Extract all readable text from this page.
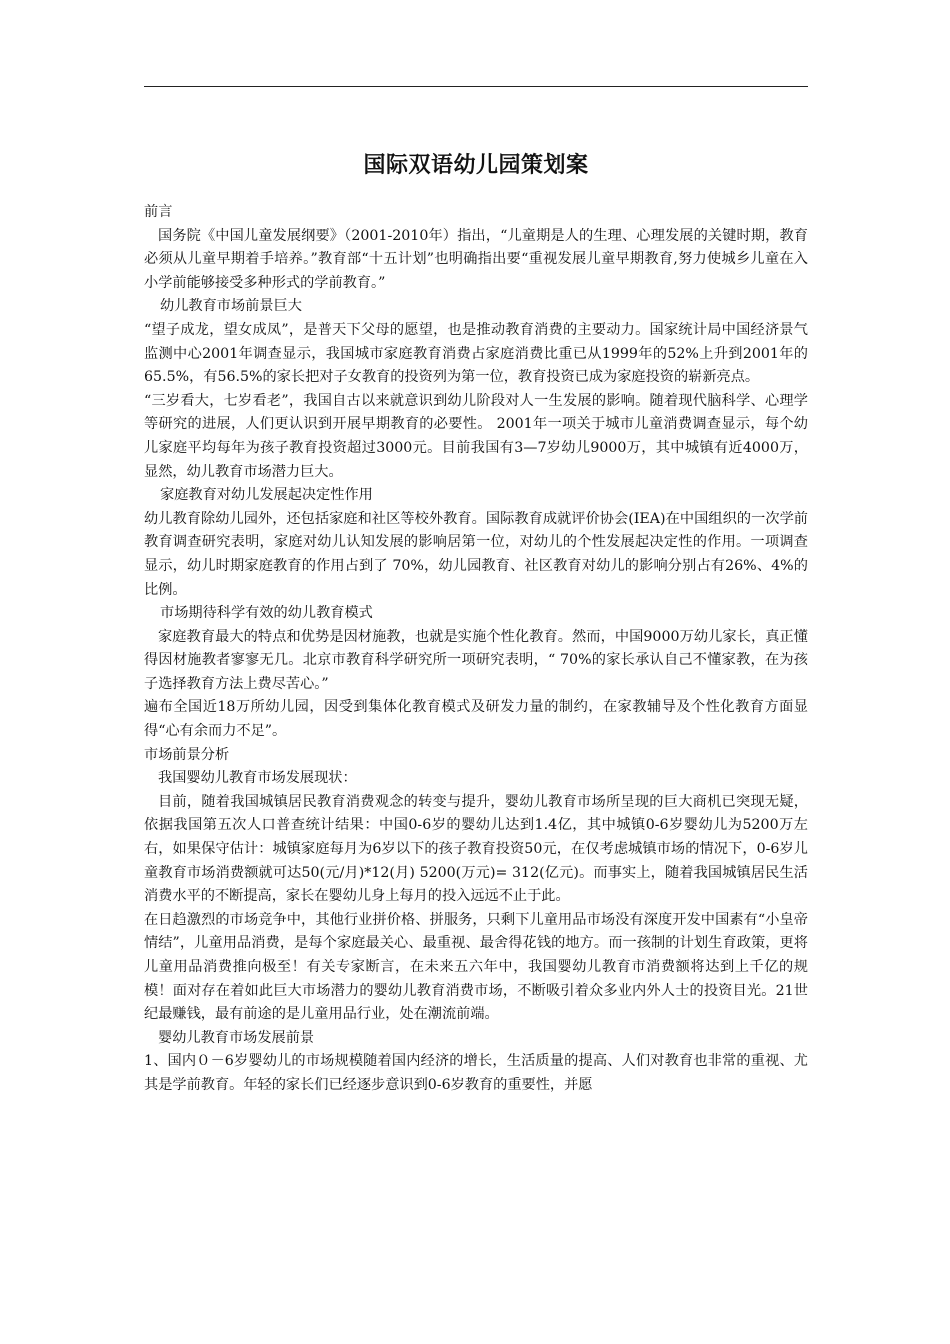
国际双语幼儿园策划案

前言

国务院《中国儿童发展纲要》（2001-2010年）指出，“儿童期是人的生理、心理发展的关键时期，教育必须从儿童早期着手培养。”教育部“十五计划”也明确指出要“重视发展儿童早期教育,努力使城乡儿童在入小学前能够接受多种形式的学前教育。”

幼儿教育市场前景巨大

“望子成龙，望女成凤”，是普天下父母的愿望，也是推动教育消费的主要动力。国家统计局中国经济景气监测中心2001年调查显示，我国城市家庭教育消费占家庭消费比重已从1999年的52%上升到2001年的65.5%，有56.5%的家长把对子女教育的投资列为第一位，教育投资已成为家庭投资的崭新亮点。

“三岁看大，七岁看老”，我国自古以来就意识到幼儿阶段对人一生发展的影响。随着现代脑科学、心理学等研究的进展，人们更认识到开展早期教育的必要性。 2001年一项关于城市儿童消费调查显示，每个幼儿家庭平均每年为孩子教育投资超过3000元。目前我国有3—7岁幼儿9000万，其中城镇有近4000万，显然，幼儿教育市场潜力巨大。

家庭教育对幼儿发展起决定性作用

幼儿教育除幼儿园外，还包括家庭和社区等校外教育。国际教育成就评价协会(IEA)在中国组织的一次学前教育调查研究表明，家庭对幼儿认知发展的影响居第一位，对幼儿的个性发展起决定性的作用。一项调查显示，幼儿时期家庭教育的作用占到了 70%，幼儿园教育、社区教育对幼儿的影响分别占有26%、4%的比例。

市场期待科学有效的幼儿教育模式

家庭教育最大的特点和优势是因材施教，也就是实施个性化教育。然而，中国9000万幼儿家长，真正懂得因材施教者寥寥无几。北京市教育科学研究所一项研究表明，“ 70%的家长承认自己不懂家教，在为孩子选择教育方法上费尽苦心。”

遍布全国近18万所幼儿园，因受到集体化教育模式及研发力量的制约，在家教辅导及个性化教育方面显得“心有余而力不足”。

市场前景分析

我国婴幼儿教育市场发展现状：

目前，随着我国城镇居民教育消费观念的转变与提升，婴幼儿教育市场所呈现的巨大商机已突现无疑，依据我国第五次人口普查统计结果：中国0-6岁的婴幼儿达到1.4亿，其中城镇0-6岁婴幼儿为5200万左右，如果保守估计：城镇家庭每月为6岁以下的孩子教育投资50元，在仅考虑城镇市场的情况下，0-6岁儿童教育市场消费额就可达50(元/月)*12(月) 5200(万元)= 312(亿元)。而事实上，随着我国城镇居民生活消费水平的不断提高，家长在婴幼儿身上每月的投入远远不止于此。

在日趋激烈的市场竞争中，其他行业拼价格、拼服务，只剩下儿童用品市场没有深度开发中国素有“小皇帝情结”，儿童用品消费，是每个家庭最关心、最重视、最舍得花钱的地方。而一孩制的计划生育政策，更将儿童用品消费推向极至！有关专家断言，在未来五六年中，我国婴幼儿教育市消费额将达到上千亿的规模！面对存在着如此巨大市场潜力的婴幼儿教育消费市场，不断吸引着众多业内外人士的投资目光。21世纪最赚钱，最有前途的是儿童用品行业，处在潮流前端。

婴幼儿教育市场发展前景

1、国内０－6岁婴幼儿的市场规模随着国内经济的增长，生活质量的提高、人们对教育也非常的重视、尤其是学前教育。年轻的家长们已经逐步意识到0-6岁教育的重要性，并愿
